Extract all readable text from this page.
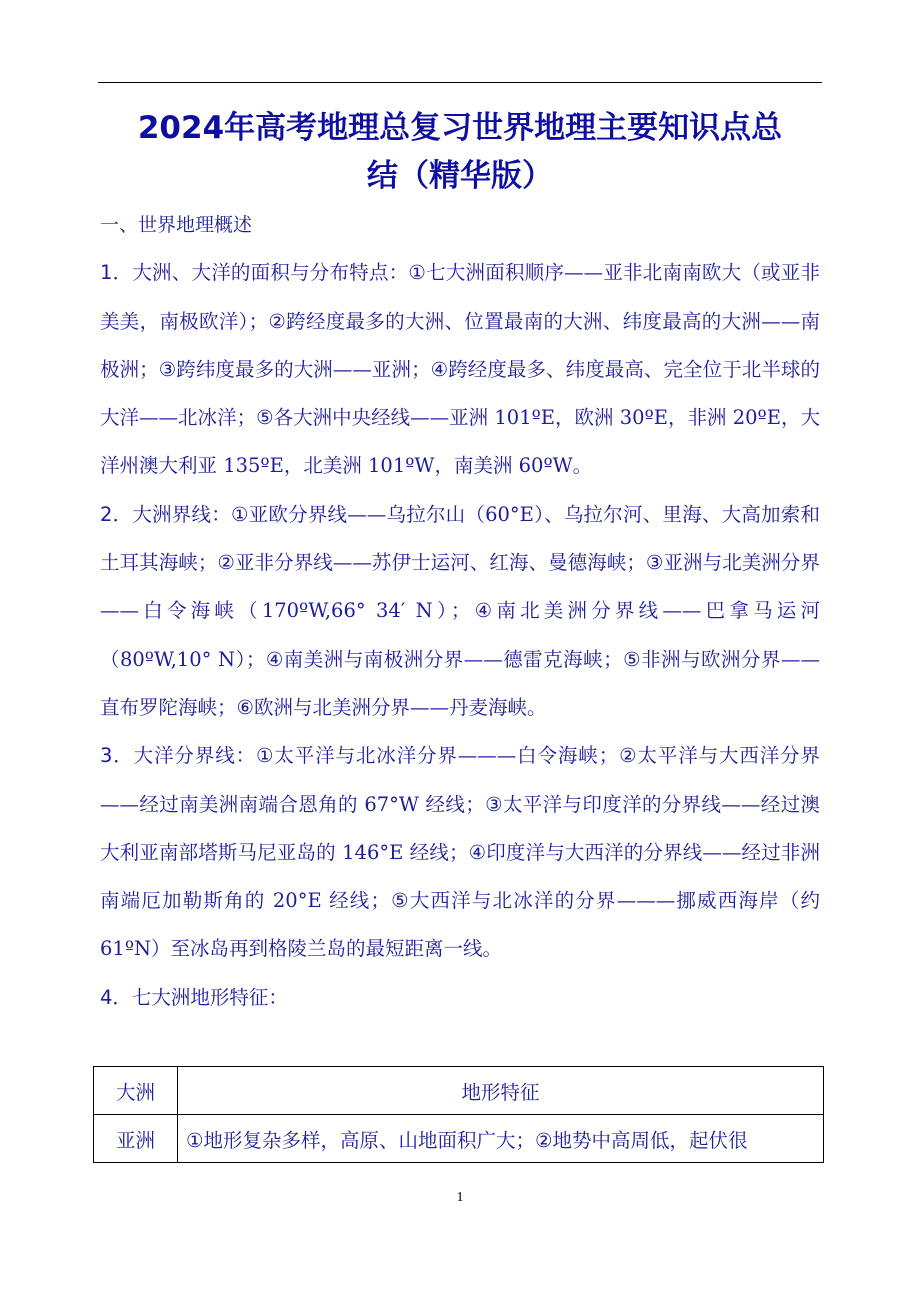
2024年高考地理总复习世界地理主要知识点总
结（精华版）

一、世界地理概述

1．大洲、大洋的面积与分布特点：①七大洲面积顺序——亚非北南南欧大（或亚非美美，南极欧洋）；②跨经度最多的大洲、位置最南的大洲、纬度最高的大洲——南极洲；③跨纬度最多的大洲——亚洲；④跨经度最多、纬度最高、完全位于北半球的大洋——北冰洋；⑤各大洲中央经线——亚洲 101ºE，欧洲 30ºE，非洲 20ºE，大洋州澳大利亚 135ºE，北美洲 101ºW，南美洲 60ºW。

2．大洲界线：①亚欧分界线——乌拉尔山（60°E）、乌拉尔河、里海、大高加索和土耳其海峡；②亚非分界线——苏伊士运河、红海、曼德海峡；③亚洲与北美洲分界——白令海峡（170ºW,66° 34′ N）；④南北美洲分界线——巴拿马运河（80ºW,10° N）；④南美洲与南极洲分界——德雷克海峡；⑤非洲与欧洲分界——直布罗陀海峡；⑥欧洲与北美洲分界——丹麦海峡。

3．大洋分界线：①太平洋与北冰洋分界———白令海峡；②太平洋与大西洋分界——经过南美洲南端合恩角的 67°W 经线；③太平洋与印度洋的分界线——经过澳大利亚南部塔斯马尼亚岛的 146°E 经线；④印度洋与大西洋的分界线——经过非洲南端厄加勒斯角的 20°E 经线；⑤大西洋与北冰洋的分界———挪威西海岸（约 61ºN）至冰岛再到格陵兰岛的最短距离一线。

4．七大洲地形特征：

大洲	地形特征
亚洲	①地形复杂多样，高原、山地面积广大；②地势中高周低，起伏很
1
